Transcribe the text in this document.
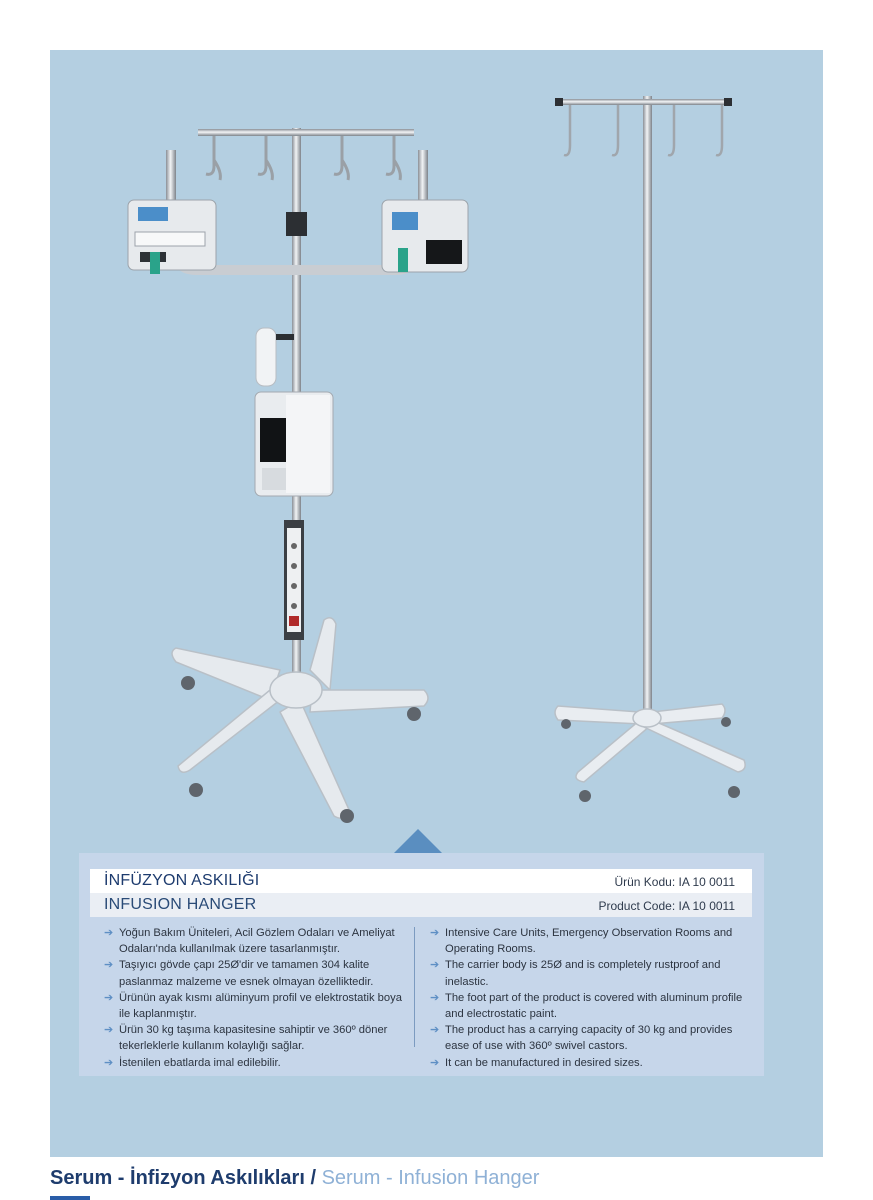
İNFÜZYON ASKILIĞI	Ürün Kodu: IA 10 0011
INFUSION HANGER	Product Code: IA 10 0011

➔ Yoğun Bakım Üniteleri, Acil Gözlem Odaları ve Ameliyat Odaları'nda kullanılmak üzere tasarlanmıştır.

➔ Taşıyıcı gövde çapı 25Ø'dir ve tamamen 304 kalite paslanmaz malzeme ve esnek olmayan özelliktedir.

➔ Ürünün ayak kısmı alüminyum profil ve elektrostatik boya ile kaplanmıştır.

➔ Ürün 30 kg taşıma kapasitesine sahiptir ve 360º döner tekerleklerle kullanım kolaylığı sağlar.

➔ İstenilen ebatlarda imal edilebilir.

➔ Intensive Care Units, Emergency Observation Rooms and Operating Rooms.

➔ The carrier body is 25Ø and is completely rustproof and inelastic.

➔ The foot part of the product is covered with aluminum profile and electrostatic paint.

➔ The product has a carrying capacity of 30 kg and provides ease of use with 360º swivel castors.

➔ It can be manufactured in desired sizes.

Serum - İnfizyon Askılıkları / Serum - Infusion Hanger
